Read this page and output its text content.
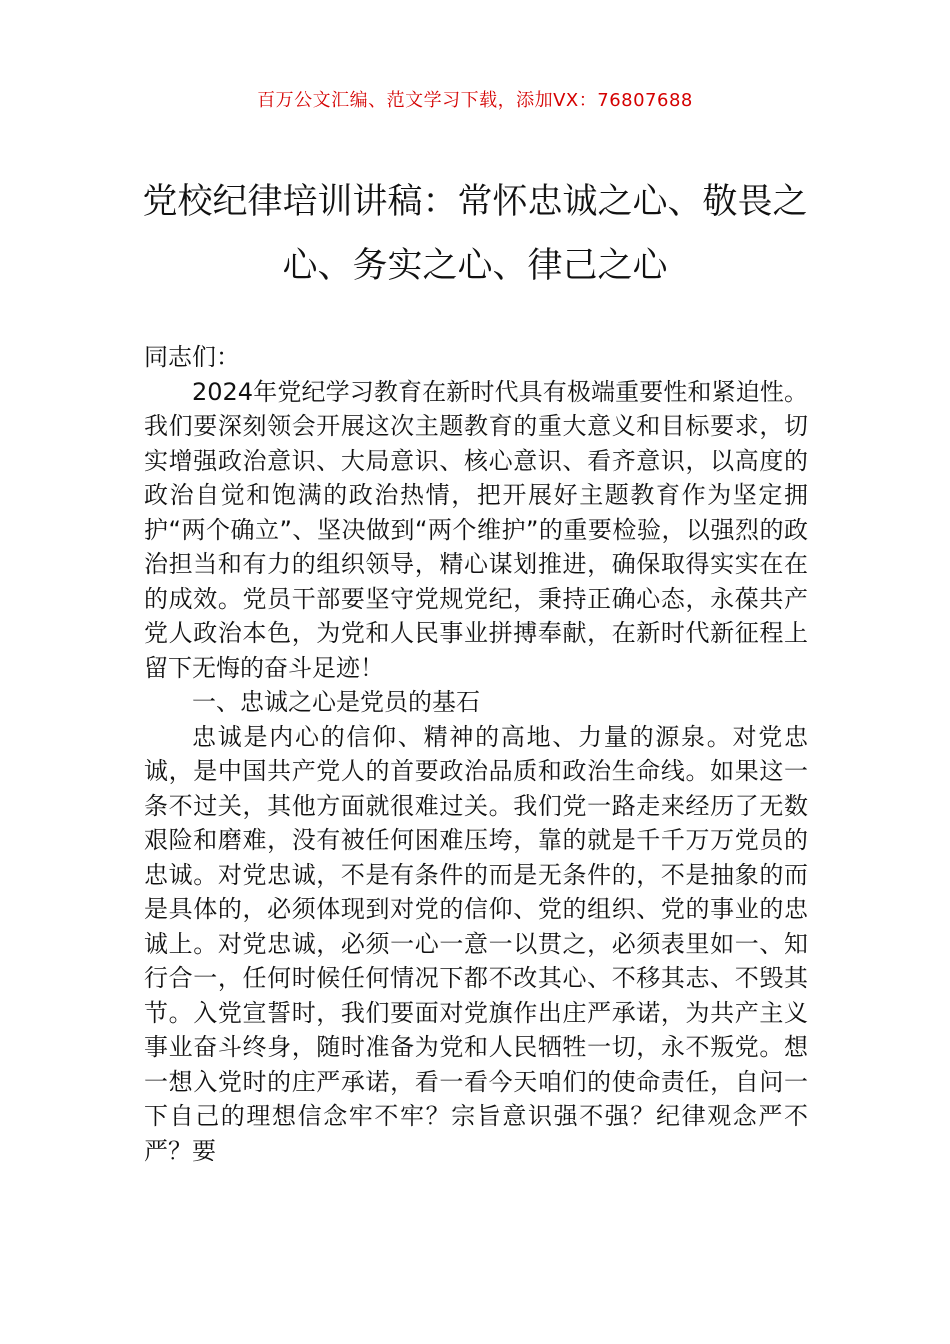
百万公文汇编、范文学习下载，添加VX：76807688
党校纪律培训讲稿：常怀忠诚之心、敬畏之心、务实之心、律己之心

同志们：

2024年党纪学习教育在新时代具有极端重要性和紧迫性。我们要深刻领会开展这次主题教育的重大意义和目标要求，切实增强政治意识、大局意识、核心意识、看齐意识，以高度的政治自觉和饱满的政治热情，把开展好主题教育作为坚定拥护“两个确立”、坚决做到“两个维护”的重要检验，以强烈的政治担当和有力的组织领导，精心谋划推进，确保取得实实在在的成效。党员干部要坚守党规党纪，秉持正确心态，永葆共产党人政治本色，为党和人民事业拼搏奉献，在新时代新征程上留下无悔的奋斗足迹！

一、忠诚之心是党员的基石

忠诚是内心的信仰、精神的高地、力量的源泉。对党忠诚，是中国共产党人的首要政治品质和政治生命线。如果这一条不过关，其他方面就很难过关。我们党一路走来经历了无数艰险和磨难，没有被任何困难压垮，靠的就是千千万万党员的忠诚。对党忠诚，不是有条件的而是无条件的，不是抽象的而是具体的，必须体现到对党的信仰、党的组织、党的事业的忠诚上。对党忠诚，必须一心一意一以贯之，必须表里如一、知行合一，任何时候任何情况下都不改其心、不移其志、不毁其节。入党宣誓时，我们要面对党旗作出庄严承诺，为共产主义事业奋斗终身，随时准备为党和人民牺牲一切，永不叛党。想一想入党时的庄严承诺，看一看今天咱们的使命责任，自问一下自己的理想信念牢不牢？宗旨意识强不强？纪律观念严不严？要
